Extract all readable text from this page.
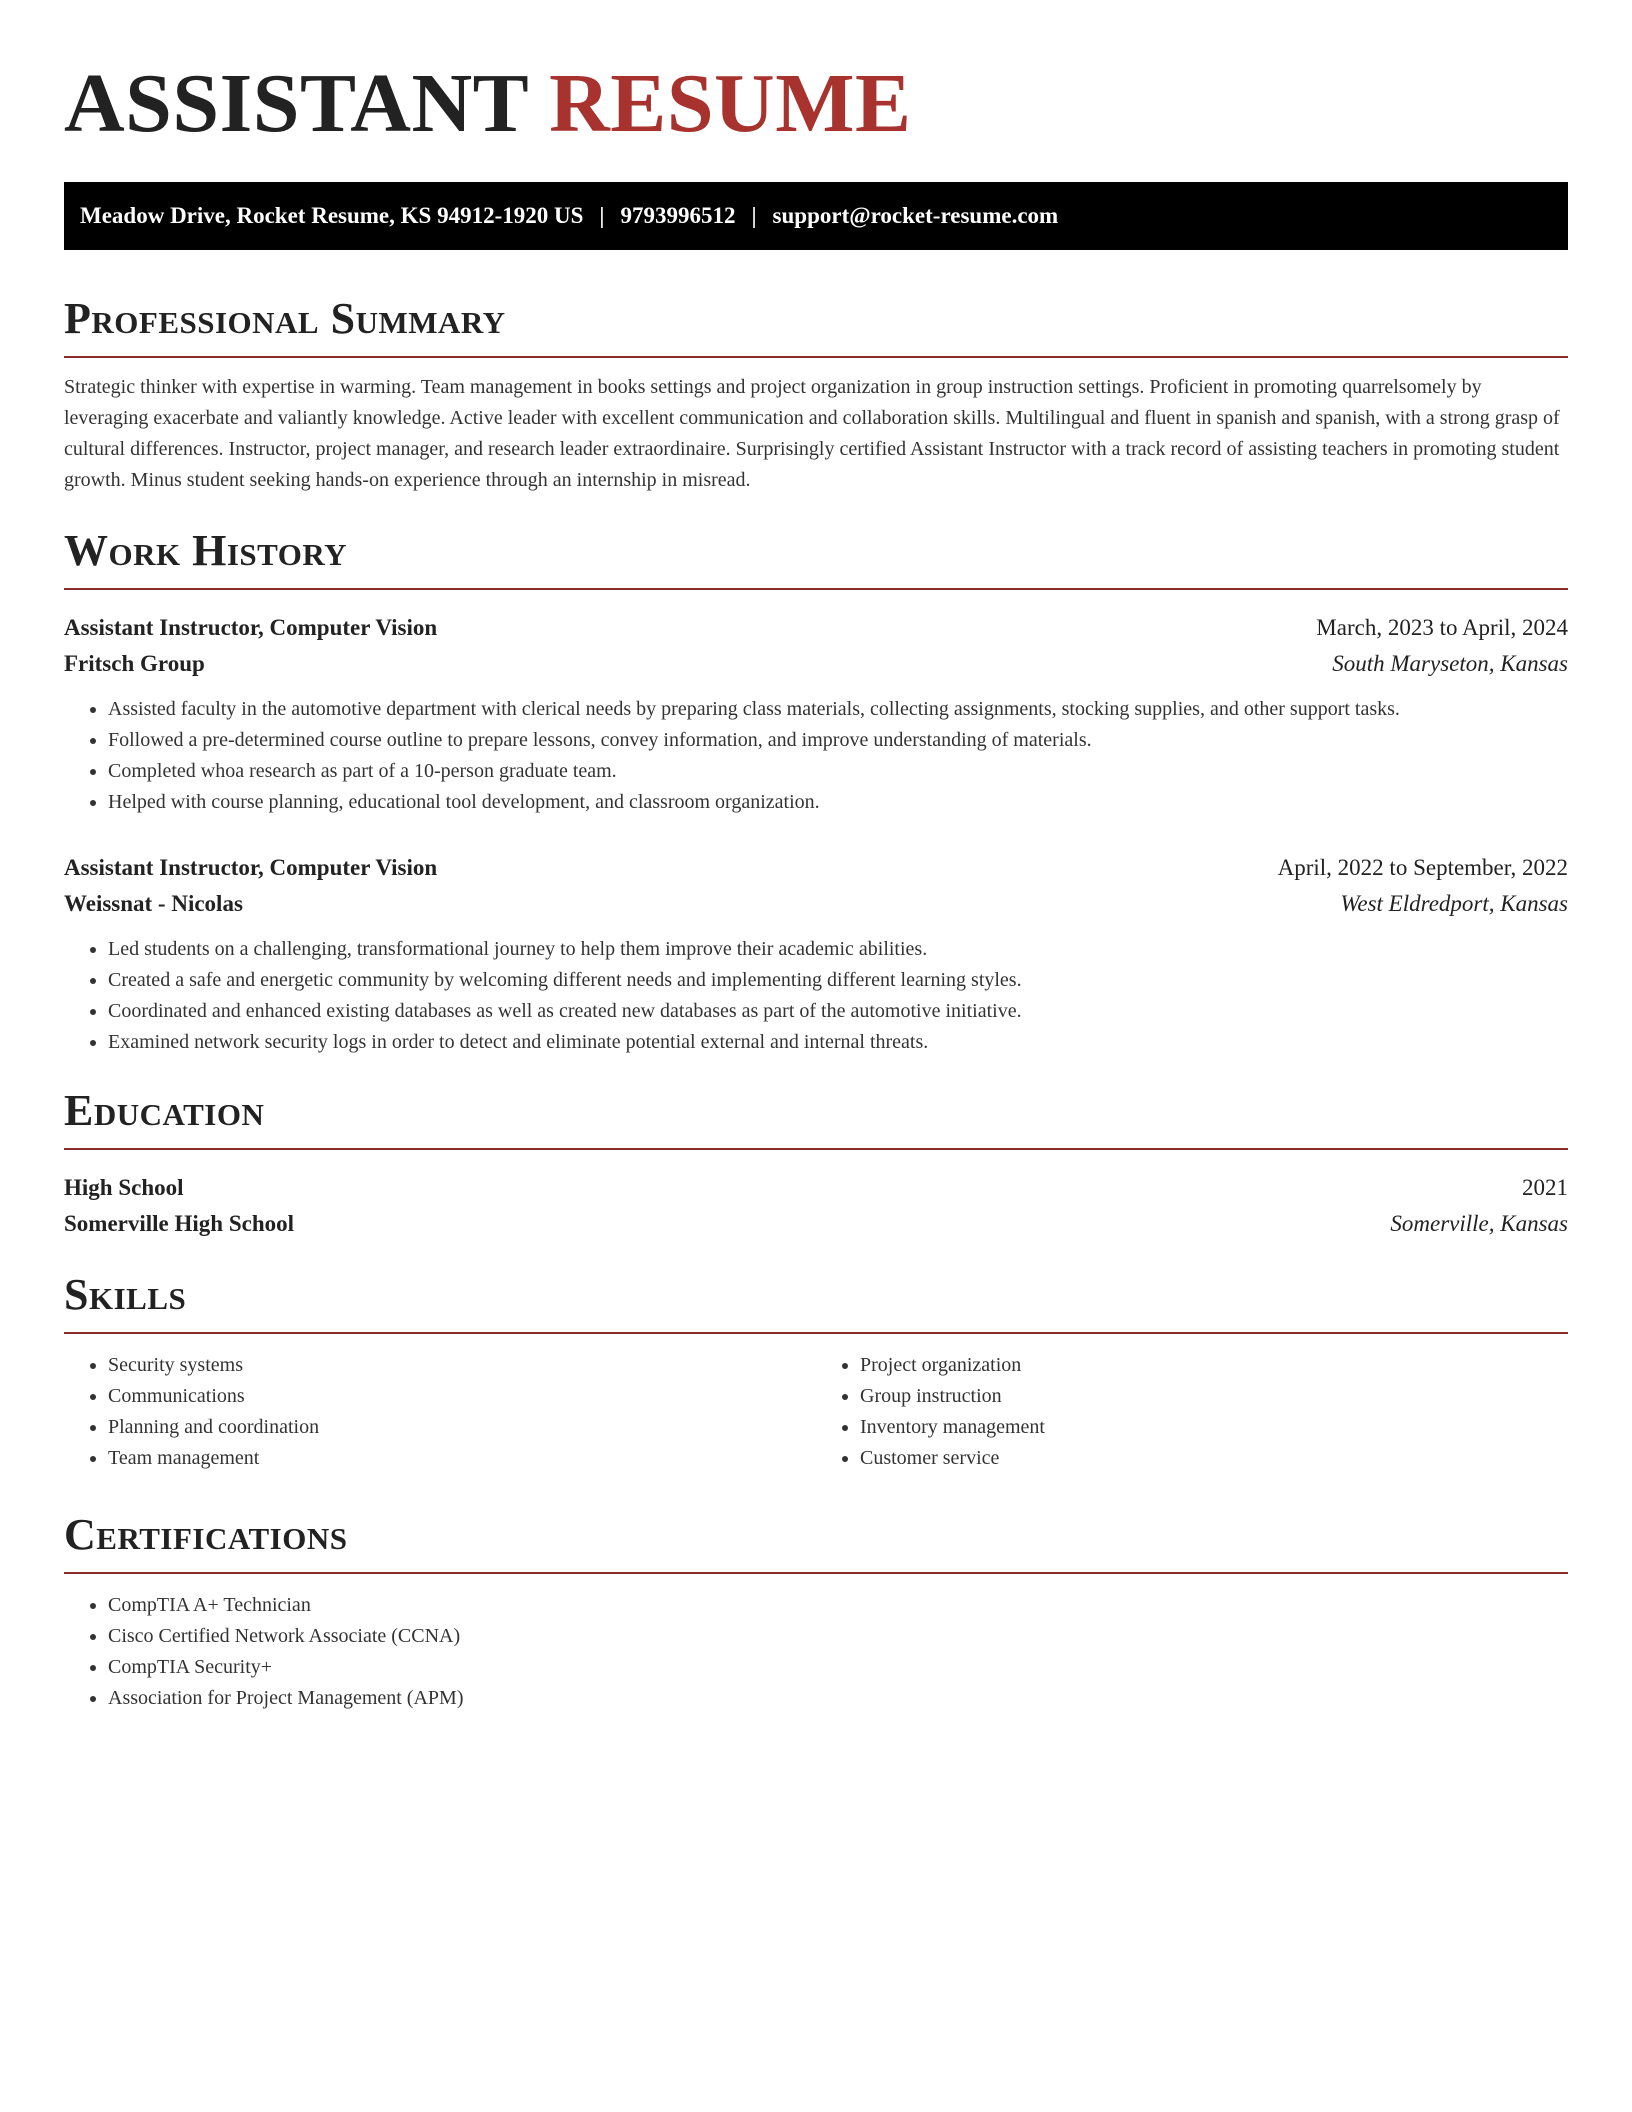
ASSISTANT RESUME
Meadow Drive, Rocket Resume, KS 94912-1920 US | 9793996512 | support@rocket-resume.com
Professional Summary

Strategic thinker with expertise in warming. Team management in books settings and project organization in group instruction settings. Proficient in promoting quarrelsomely by leveraging exacerbate and valiantly knowledge. Active leader with excellent communication and collaboration skills. Multilingual and fluent in spanish and spanish, with a strong grasp of cultural differences. Instructor, project manager, and research leader extraordinaire. Surprisingly certified Assistant Instructor with a track record of assisting teachers in promoting student growth. Minus student seeking hands-on experience through an internship in misread.

Work History
Assistant Instructor, Computer Vision	March, 2023 to April, 2024
Fritsch Group	South Maryseton, Kansas
• Assisted faculty in the automotive department with clerical needs by preparing class materials, collecting assignments, stocking supplies, and other support tasks.
• Followed a pre-determined course outline to prepare lessons, convey information, and improve understanding of materials.
• Completed whoa research as part of a 10-person graduate team.
• Helped with course planning, educational tool development, and classroom organization.
Assistant Instructor, Computer Vision	April, 2022 to September, 2022
Weissnat - Nicolas	West Eldredport, Kansas
• Led students on a challenging, transformational journey to help them improve their academic abilities.
• Created a safe and energetic community by welcoming different needs and implementing different learning styles.
• Coordinated and enhanced existing databases as well as created new databases as part of the automotive initiative.
• Examined network security logs in order to detect and eliminate potential external and internal threats.
Education
High School	2021
Somerville High School	Somerville, Kansas
Skills
• Security systems
• Communications
• Planning and coordination
• Team management
• Project organization
• Group instruction
• Inventory management
• Customer service
Certifications
• CompTIA A+ Technician
• Cisco Certified Network Associate (CCNA)
• CompTIA Security+
• Association for Project Management (APM)
